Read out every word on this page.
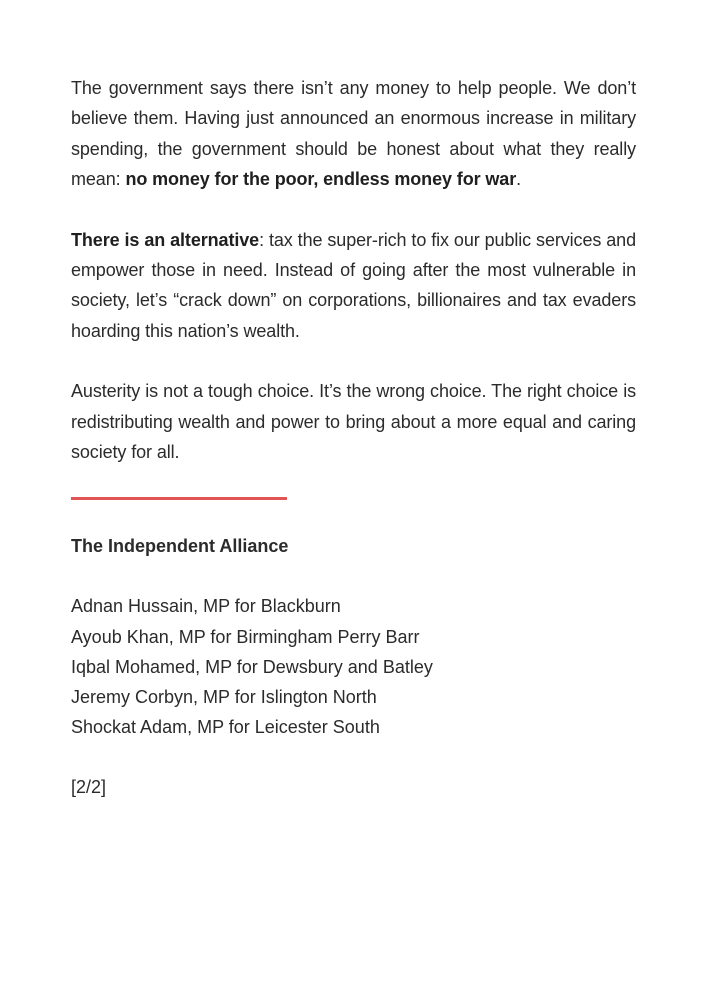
The government says there isn’t any money to help people. We don’t believe them. Having just announced an enormous increase in military spending, the government should be honest about what they really mean: no money for the poor, endless money for war.

There is an alternative: tax the super-rich to fix our public services and empower those in need. Instead of going after the most vulnerable in society, let’s “crack down” on corporations, billionaires and tax evaders hoarding this nation’s wealth.

Austerity is not a tough choice. It’s the wrong choice. The right choice is redistributing wealth and power to bring about a more equal and caring society for all.

The Independent Alliance
Adnan Hussain, MP for Blackburn
Ayoub Khan, MP for Birmingham Perry Barr
Iqbal Mohamed, MP for Dewsbury and Batley
Jeremy Corbyn, MP for Islington North
Shockat Adam, MP for Leicester South
[2/2]
